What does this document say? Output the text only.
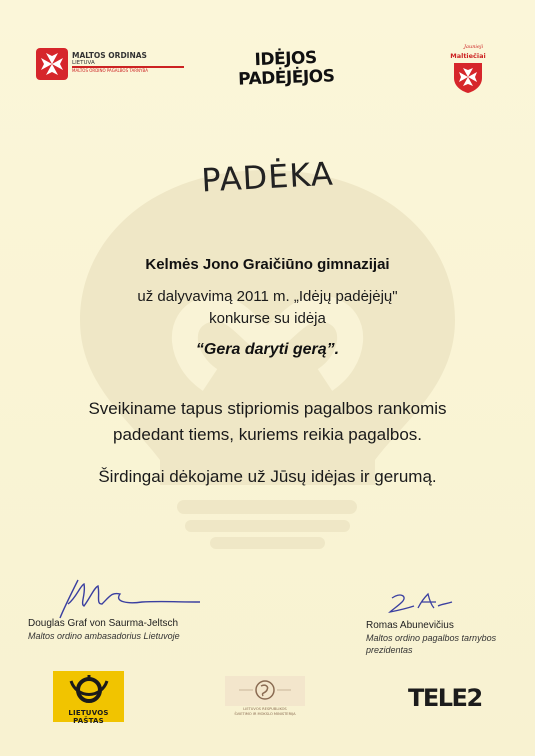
MALTOS ORDINAS
LIETUVA
MALTOS ORDINO PAGALBOS TARNYBA
IDĖJOS
PADĖJĖJOS
Jaunieji
Maltiečiai
PADĖKA
Kelmės Jono Graičiūno gimnazijai
už dalyvavimą 2011 m. „Idėjų padėjėjų"
konkurse su idėja
“Gera daryti gerą”.
Sveikiname tapus stipriomis pagalbos rankomis
padedant tiems, kuriems reikia pagalbos.
Širdingai dėkojame už Jūsų idėjas ir gerumą.
Douglas Graf von Saurma-Jeltsch
Maltos ordino ambasadorius Lietuvoje
Romas Abunevičius
Maltos ordino pagalbos tarnybos
prezidentas
LIETUVOS PAŠTAS
LIETUVOS RESPUBLIKOS
ŠVIETIMO IR MOKSLO MINISTERIJA
TELE2
